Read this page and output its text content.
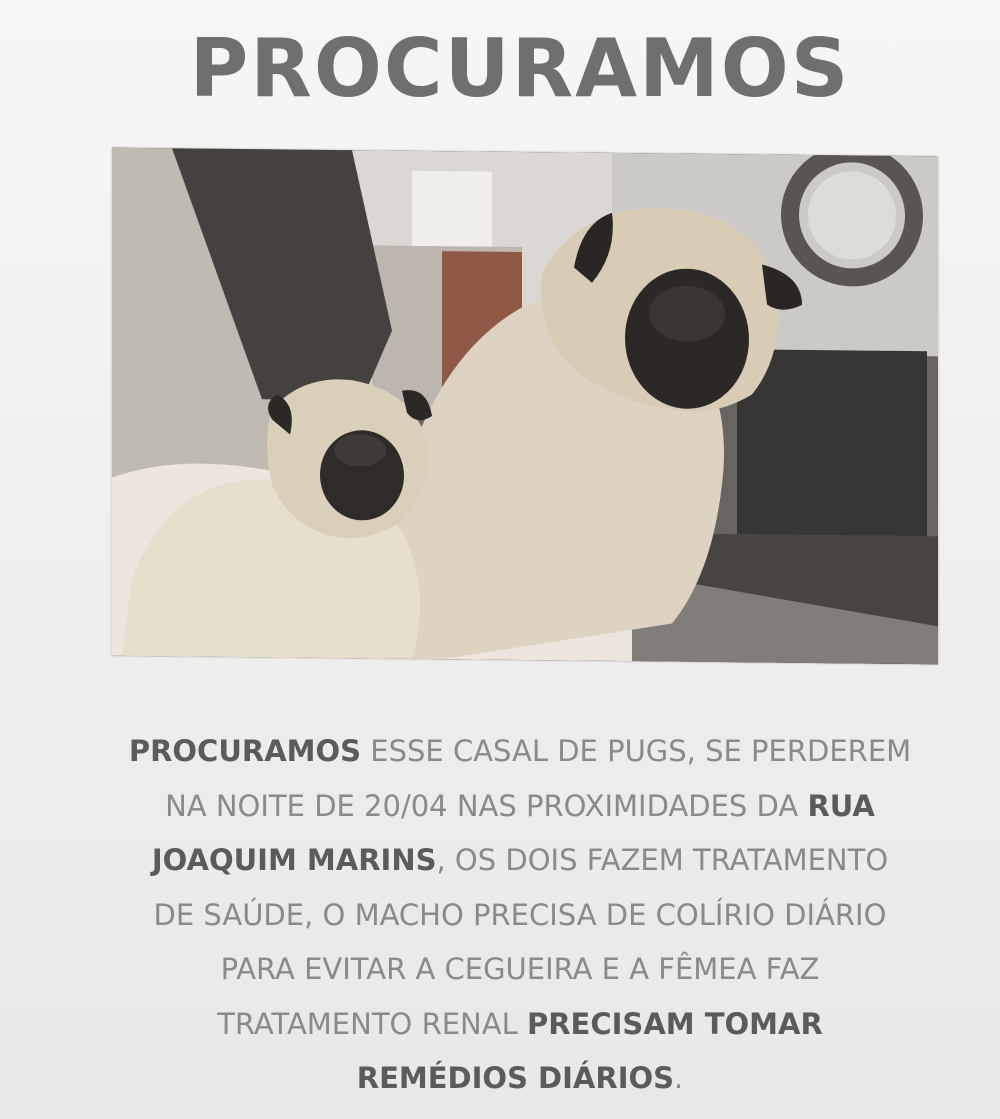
PROCURAMOS
PROCURAMOS ESSE CASAL DE PUGS, SE PERDEREM
NA NOITE DE 20/04 NAS PROXIMIDADES DA RUA
JOAQUIM MARINS, OS DOIS FAZEM TRATAMENTO
DE SAÚDE, O MACHO PRECISA DE COLÍRIO DIÁRIO
PARA EVITAR A CEGUEIRA E A FÊMEA FAZ
TRATAMENTO RENAL PRECISAM TOMAR
REMÉDIOS DIÁRIOS.
